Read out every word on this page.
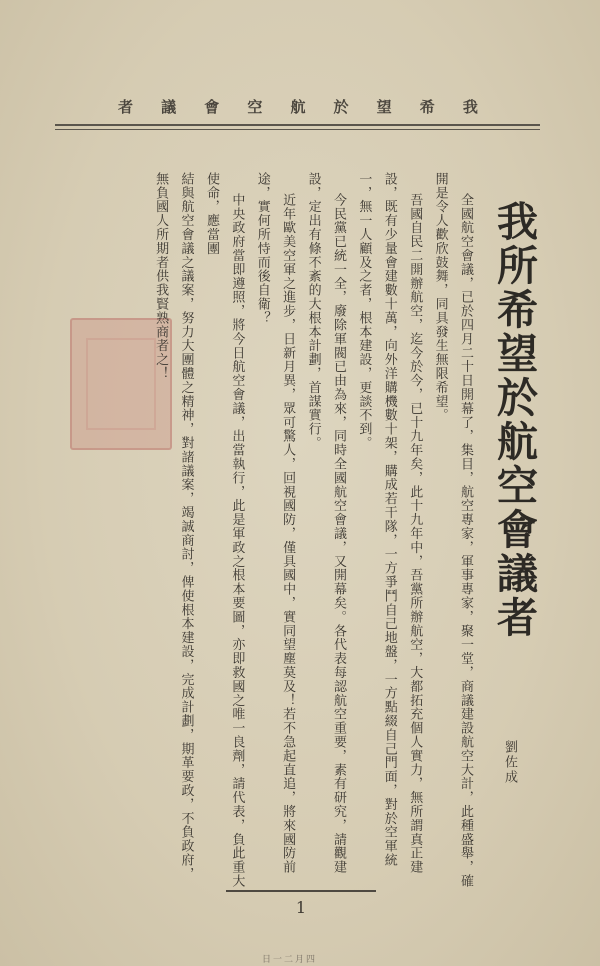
我
希
望
於
航
空
會
議
者
我所希望於航空會議者
劉佐成

全國航空會議，已於四月二十日開幕了，集目，航空專家，軍事專家，聚一堂，商議建設航空大計，此種盛舉，確開是令人歡欣鼓舞，同具發生無限希望。

吾國自民二開辦航空，迄今於今，已十九年矣，此十九年中，吾黨所辦航空，大都拓充個人實力，無所謂真正建設，既有少量會建數十萬，向外洋購機數十架，購成若干隊，一方爭鬥自己地盤，一方點綴自己門面，對於空軍統一，無一人顧及之者，根本建設，更談不到。

今民黨已統一全，廢除軍閥已由為來，同時全國航空會議，又開幕矣。各代表每認航空重要，素有研究，請觀建設，定出有條不紊的大根本計劃，首謀實行。

近年歐美空軍之進步，日新月異，眾可驚人，回視國防，僅具國中，實同望塵莫及！若不急起直追，將來國防前途，實何所恃而後自衛？

中央政府當即遵照，將今日航空會議，出當執行，此是軍政之根本要圖，亦即救國之唯一良劑，請代表，負此重大使命，應當團

結與航空會議之議案，努力大團體之精神，對諸議案，竭誠商討，俾使根本建設，完成計劃，期革要政，不負政府，無負國人所期者供我賢熟商者之！

1
日一二月四
